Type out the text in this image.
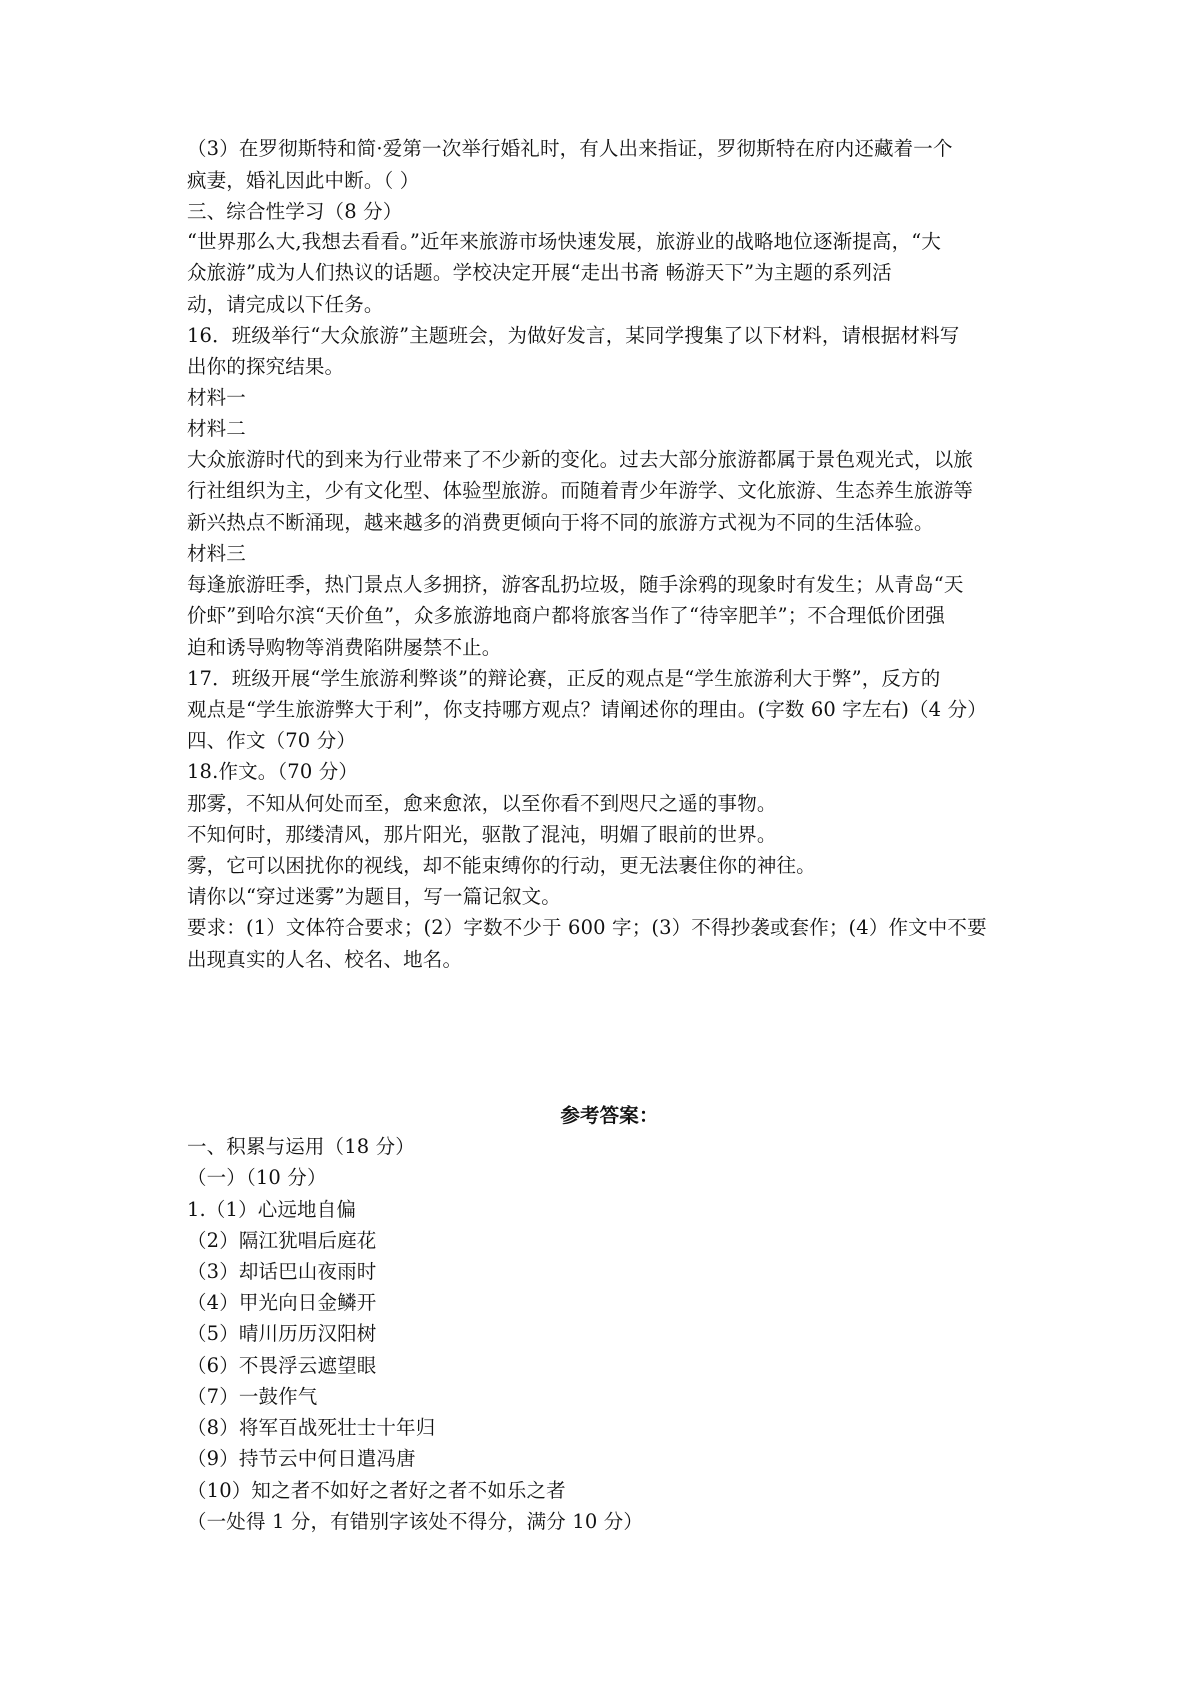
（3）在罗彻斯特和简·爱第一次举行婚礼时，有人出来指证，罗彻斯特在府内还藏着一个
疯妻，婚礼因此中断。（ ）
三、综合性学习（8 分）
“世界那么大,我想去看看。”近年来旅游市场快速发展，旅游业的战略地位逐渐提高，“大
众旅游”成为人们热议的话题。学校决定开展“走出书斋 畅游天下”为主题的系列活
动，请完成以下任务。
16．班级举行“大众旅游”主题班会，为做好发言，某同学搜集了以下材料，请根据材料写
出你的探究结果。
材料一
材料二
大众旅游时代的到来为行业带来了不少新的变化。过去大部分旅游都属于景色观光式，以旅
行社组织为主，少有文化型、体验型旅游。而随着青少年游学、文化旅游、生态养生旅游等
新兴热点不断涌现，越来越多的消费更倾向于将不同的旅游方式视为不同的生活体验。
材料三
每逢旅游旺季，热门景点人多拥挤，游客乱扔垃圾，随手涂鸦的现象时有发生；从青岛“天
价虾”到哈尔滨“天价鱼”，众多旅游地商户都将旅客当作了“待宰肥羊”；不合理低价团强
迫和诱导购物等消费陷阱屡禁不止。
17．班级开展“学生旅游利弊谈”的辩论赛，正反的观点是“学生旅游利大于弊”，反方的
观点是“学生旅游弊大于利”，你支持哪方观点？请阐述你的理由。(字数 60 字左右)（4 分）
四、作文（70 分）
18.作文。（70 分）
那雾，不知从何处而至，愈来愈浓，以至你看不到咫尺之遥的事物。
不知何时，那缕清风，那片阳光，驱散了混沌，明媚了眼前的世界。
雾，它可以困扰你的视线，却不能束缚你的行动，更无法裹住你的神往。
请你以“穿过迷雾”为题目，写一篇记叙文。
要求：(1）文体符合要求；(2）字数不少于 600 字；(3）不得抄袭或套作；(4）作文中不要
出现真实的人名、校名、地名。
参考答案：
一、积累与运用（18 分）
（一）（10 分）
1.（1）心远地自偏
（2）隔江犹唱后庭花
（3）却话巴山夜雨时
（4）甲光向日金鳞开
（5）晴川历历汉阳树
（6）不畏浮云遮望眼
（7）一鼓作气
（8）将军百战死壮士十年归
（9）持节云中何日遣冯唐
（10）知之者不如好之者好之者不如乐之者
（一处得 1 分，有错别字该处不得分，满分 10 分）
